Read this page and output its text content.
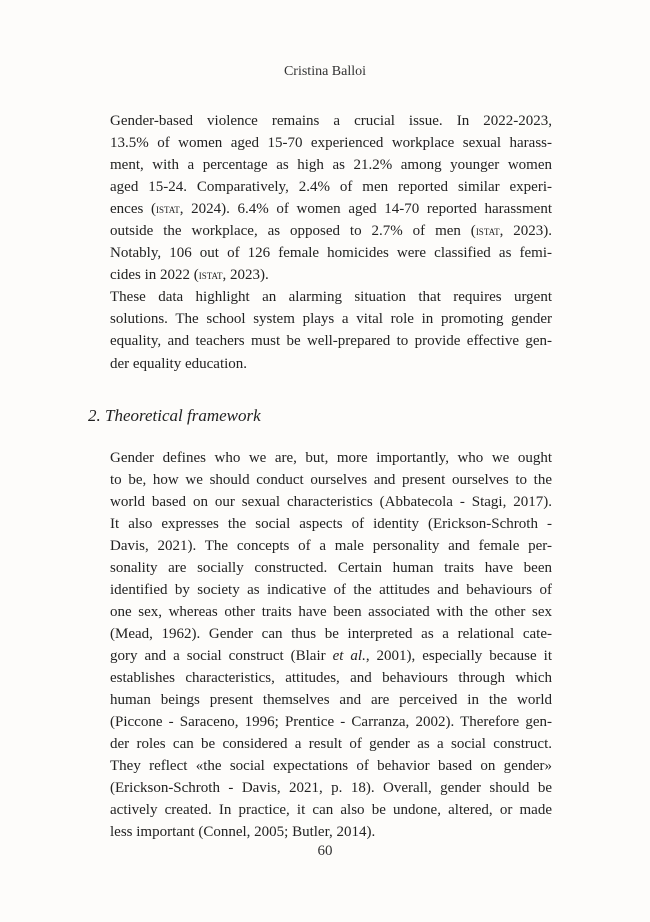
Cristina Balloi

Gender-based violence remains a crucial issue. In 2022-2023,
13.5% of women aged 15-70 experienced workplace sexual harass-
ment, with a percentage as high as 21.2% among younger women
aged 15-24. Comparatively, 2.4% of men reported similar experi-
ences (istat, 2024). 6.4% of women aged 14-70 reported harassment
outside the workplace, as opposed to 2.7% of men (istat, 2023).
Notably, 106 out of 126 female homicides were classified as femi-
cides in 2022 (istat, 2023).

These data highlight an alarming situation that requires urgent
solutions. The school system plays a vital role in promoting gender
equality, and teachers must be well-prepared to provide effective gen-
der equality education.

2. Theoretical framework

Gender defines who we are, but, more importantly, who we ought
to be, how we should conduct ourselves and present ourselves to the
world based on our sexual characteristics (Abbatecola - Stagi, 2017).
It also expresses the social aspects of identity (Erickson-Schroth -
Davis, 2021). The concepts of a male personality and female per-
sonality are socially constructed. Certain human traits have been
identified by society as indicative of the attitudes and behaviours of
one sex, whereas other traits have been associated with the other sex
(Mead, 1962). Gender can thus be interpreted as a relational cate-
gory and a social construct (Blair et al., 2001), especially because it
establishes characteristics, attitudes, and behaviours through which
human beings present themselves and are perceived in the world
(Piccone - Saraceno, 1996; Prentice - Carranza, 2002). Therefore gen-
der roles can be considered a result of gender as a social construct.
They reflect «the social expectations of behavior based on gender»
(Erickson-Schroth - Davis, 2021, p. 18). Overall, gender should be
actively created. In practice, it can also be undone, altered, or made
less important (Connel, 2005; Butler, 2014).

60
